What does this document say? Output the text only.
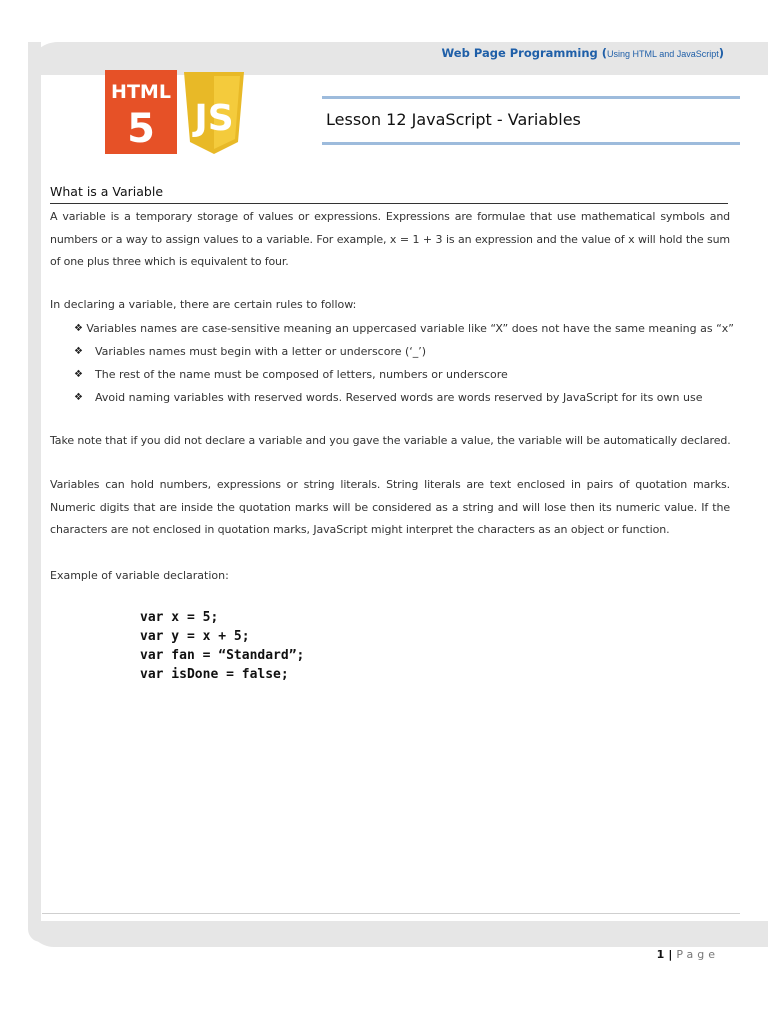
Web Page Programming (Using HTML and JavaScript)
HTML
5 JS	Lesson 12 JavaScript - Variables
What is a Variable

A variable is a temporary storage of values or expressions. Expressions are formulae that use mathematical symbols and numbers or a way to assign values to a variable. For example, x = 1 + 3 is an expression and the value of x will hold the sum of one plus three which is equivalent to four.

In declaring a variable, there are certain rules to follow:

❖ Variables names are case-sensitive meaning an uppercased variable like “X” does not have the same meaning as “x”
❖	Variables names must begin with a letter or underscore (‘_’)
❖	The rest of the name must be composed of letters, numbers or underscore
❖	Avoid naming variables with reserved words. Reserved words are words reserved by JavaScript for its own use

Take note that if you did not declare a variable and you gave the variable a value, the variable will be automatically declared.

Variables can hold numbers, expressions or string literals. String literals are text enclosed in pairs of quotation marks. Numeric digits that are inside the quotation marks will be considered as a string and will lose then its numeric value. If the characters are not enclosed in quotation marks, JavaScript might interpret the characters as an object or function.

Example of variable declaration:

var x = 5;
var y = x + 5;
var fan = “Standard”;
var isDone = false;
1 | Page
